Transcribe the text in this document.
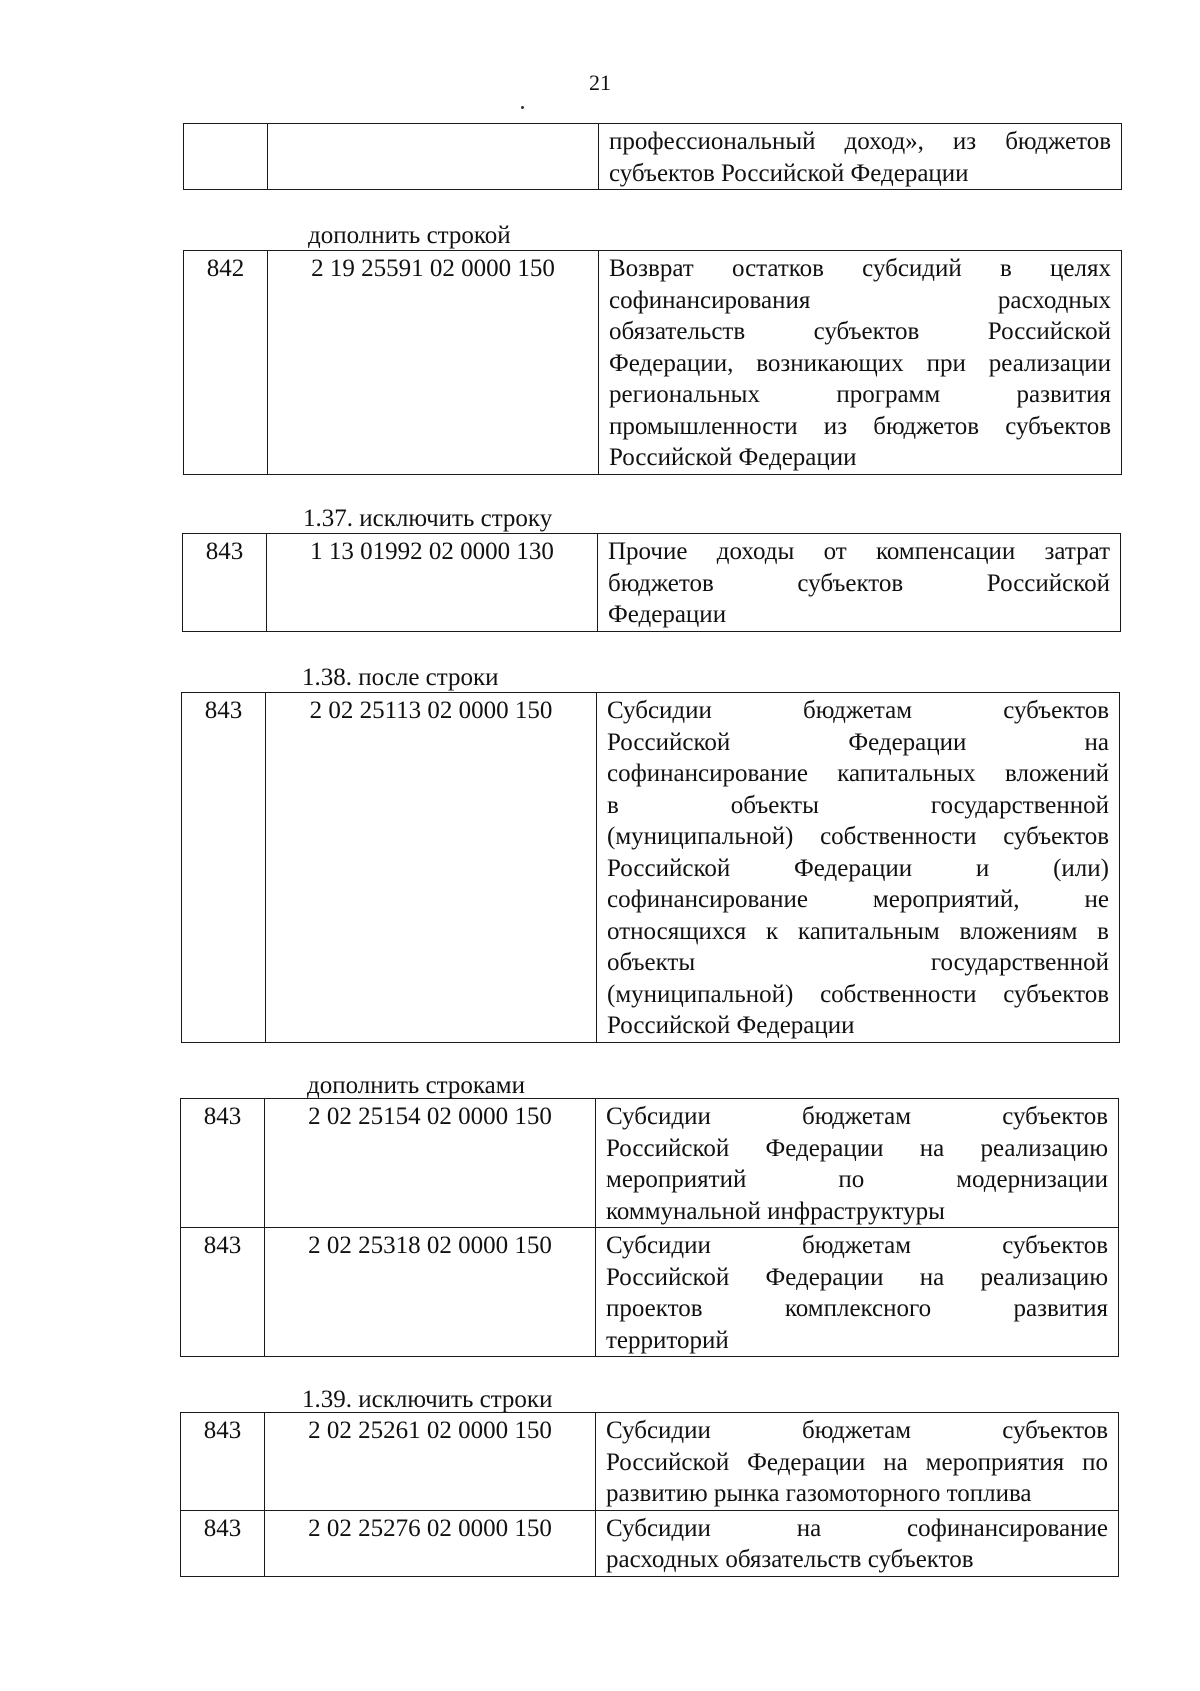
21

профессиональный доход», из бюджетов
субъектов Российской Федерации
дополнить строкой
842	2 19 25591 02 0000 150	Возврат остатков субсидий в целях
софинансирования расходных
обязательств субъектов Российской
Федерации, возникающих при реализации
региональных программ развития
промышленности из бюджетов субъектов
Российской Федерации
1.37. исключить строку
843	1 13 01992 02 0000 130	Прочие доходы от компенсации затрат
бюджетов субъектов Российской
Федерации
1.38. после строки
843	2 02 25113 02 0000 150	Субсидии бюджетам субъектов
Российской Федерации на
софинансирование капитальных вложений
в объекты государственной
(муниципальной) собственности субъектов
Российской Федерации и (или)
софинансирование мероприятий, не
относящихся к капитальным вложениям в
объекты государственной
(муниципальной) собственности субъектов
Российской Федерации
дополнить строками
843	2 02 25154 02 0000 150	Субсидии бюджетам субъектов
Российской Федерации на реализацию
мероприятий по модернизации
коммунальной инфраструктуры

843	2 02 25318 02 0000 150	Субсидии бюджетам субъектов
Российской Федерации на реализацию
проектов комплексного развития
территорий
1.39. исключить строки
843	2 02 25261 02 0000 150	Субсидии бюджетам субъектов
Российской Федерации на мероприятия по
развитию рынка газомоторного топлива

843	2 02 25276 02 0000 150	Субсидии на софинансирование
расходных обязательств субъектов
